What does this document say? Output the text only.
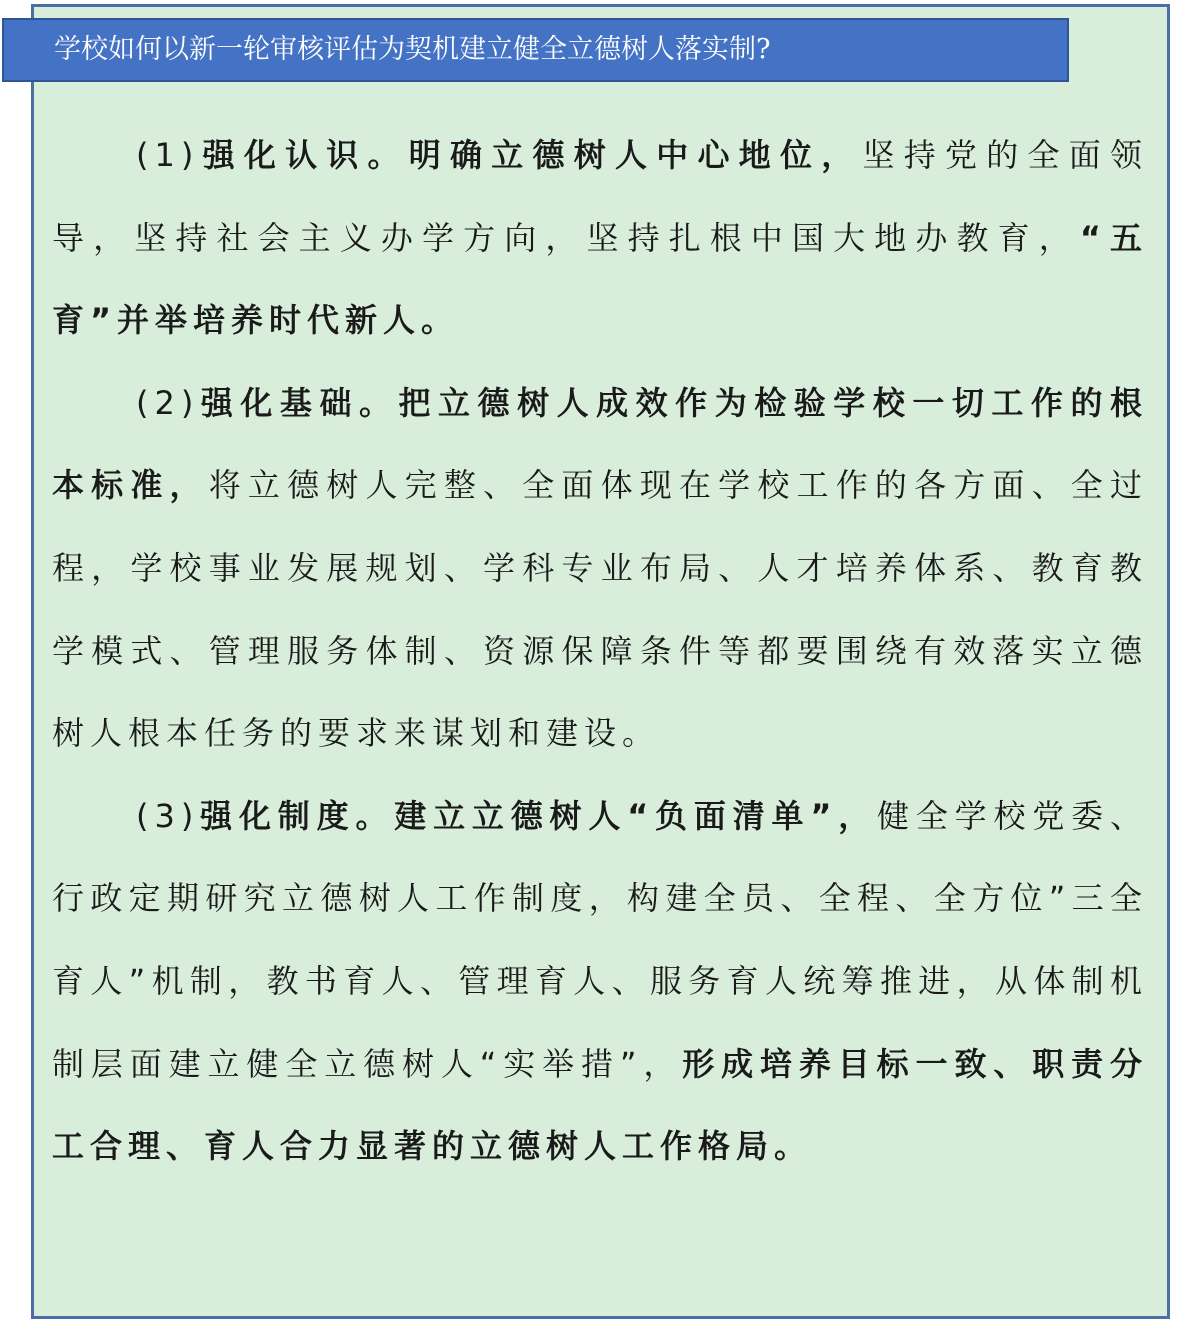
学校如何以新一轮审核评估为契机建立健全立德树人落实制?

(1)强化认识。明确立德树人中心地位，坚持党的全面领导，坚持社会主义办学方向，坚持扎根中国大地办教育，“五育”并举培养时代新人。

(2)强化基础。把立德树人成效作为检验学校一切工作的根本标准，将立德树人完整、全面体现在学校工作的各方面、全过程，学校事业发展规划、学科专业布局、人才培养体系、教育教学模式、管理服务体制、资源保障条件等都要围绕有效落实立德树人根本任务的要求来谋划和建设。

(3)强化制度。建立立德树人“负面清单”，健全学校党委、行政定期研究立德树人工作制度，构建全员、全程、全方位”三全育人”机制，教书育人、管理育人、服务育人统筹推进，从体制机制层面建立健全立德树人“实举措”，形成培养目标一致、职责分工合理、育人合力显著的立德树人工作格局。
